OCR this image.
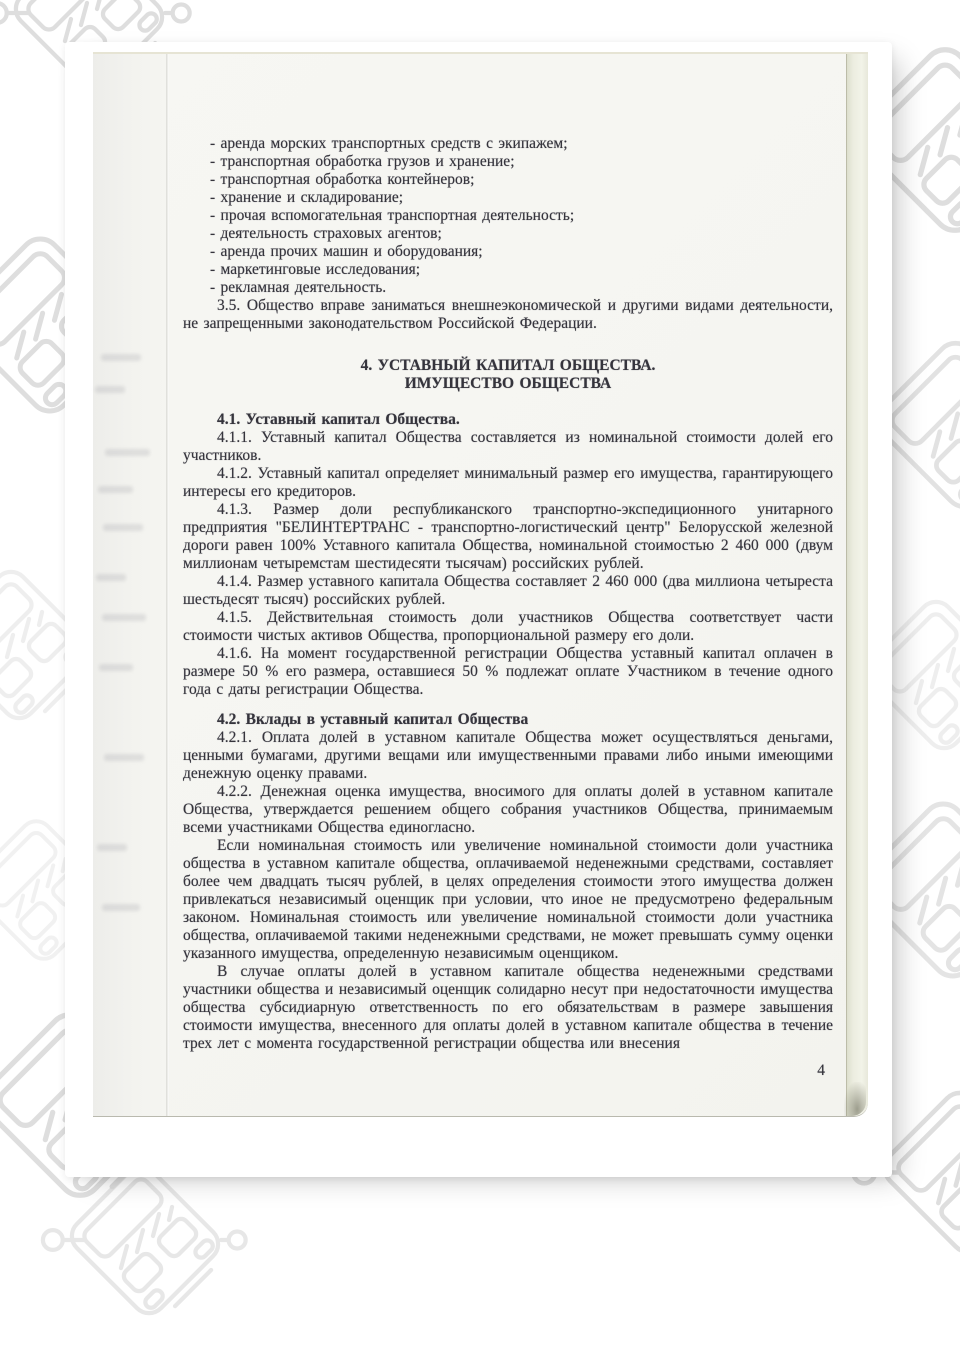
- аренда морских транспортных средств с экипажем;
- транспортная обработка грузов и хранение;
- транспортная обработка контейнеров;
- хранение и складирование;
- прочая вспомогательная транспортная деятельность;
- деятельность страховых агентов;
- аренда прочих машин и оборудования;
- маркетинговые исследования;
- рекламная деятельность.

3.5. Общество вправе заниматься внешнеэкономической и другими видами деятельности, не запрещенными законодательством Российской Федерации.

4. УСТАВНЫЙ КАПИТАЛ ОБЩЕСТВА.
ИМУЩЕСТВО ОБЩЕСТВА
4.1. Уставный капитал Общества.

4.1.1. Уставный капитал Общества составляется из номинальной стоимости долей его участников.

4.1.2. Уставный капитал определяет минимальный размер его имущества, гарантирующего интересы его кредиторов.

4.1.3. Размер доли республиканского транспортно-экспедиционного унитарного предприятия "БЕЛИНТЕРТРАНС - транспортно-логистический центр" Белорусской железной дороги равен 100% Уставного капитала Общества, номинальной стоимостью 2 460 000 (двум миллионам четыремстам шестидесяти тысячам) российских рублей.

4.1.4. Размер уставного капитала Общества составляет 2 460 000 (два миллиона четыреста шестьдесят тысяч) российских рублей.

4.1.5. Действительная стоимость доли участников Общества соответствует части стоимости чистых активов Общества, пропорциональной размеру его доли.

4.1.6. На момент государственной регистрации Общества уставный капитал оплачен в размере 50 % его размера, оставшиеся 50 % подлежат оплате Участником в течение одного года с даты регистрации Общества.

4.2. Вклады в уставный капитал Общества

4.2.1. Оплата долей в уставном капитале Общества может осуществляться деньгами, ценными бумагами, другими вещами или имущественными правами либо иными имеющими денежную оценку правами.

4.2.2. Денежная оценка имущества, вносимого для оплаты долей в уставном капитале Общества, утверждается решением общего собрания участников Общества, принимаемым всеми участниками Общества единогласно.

Если номинальная стоимость или увеличение номинальной стоимости доли участника общества в уставном капитале общества, оплачиваемой неденежными средствами, составляет более чем двадцать тысяч рублей, в целях определения стоимости этого имущества должен привлекаться независимый оценщик при условии, что иное не предусмотрено федеральным законом. Номинальная стоимость или увеличение номинальной стоимости доли участника общества, оплачиваемой такими неденежными средствами, не может превышать сумму оценки указанного имущества, определенную независимым оценщиком.

В случае оплаты долей в уставном капитале общества неденежными средствами участники общества и независимый оценщик солидарно несут при недостаточности имущества общества субсидиарную ответственность по его обязательствам в размере завышения стоимости имущества, внесенного для оплаты долей в уставном капитале общества в течение трех лет с момента государственной регистрации общества или внесения

4
